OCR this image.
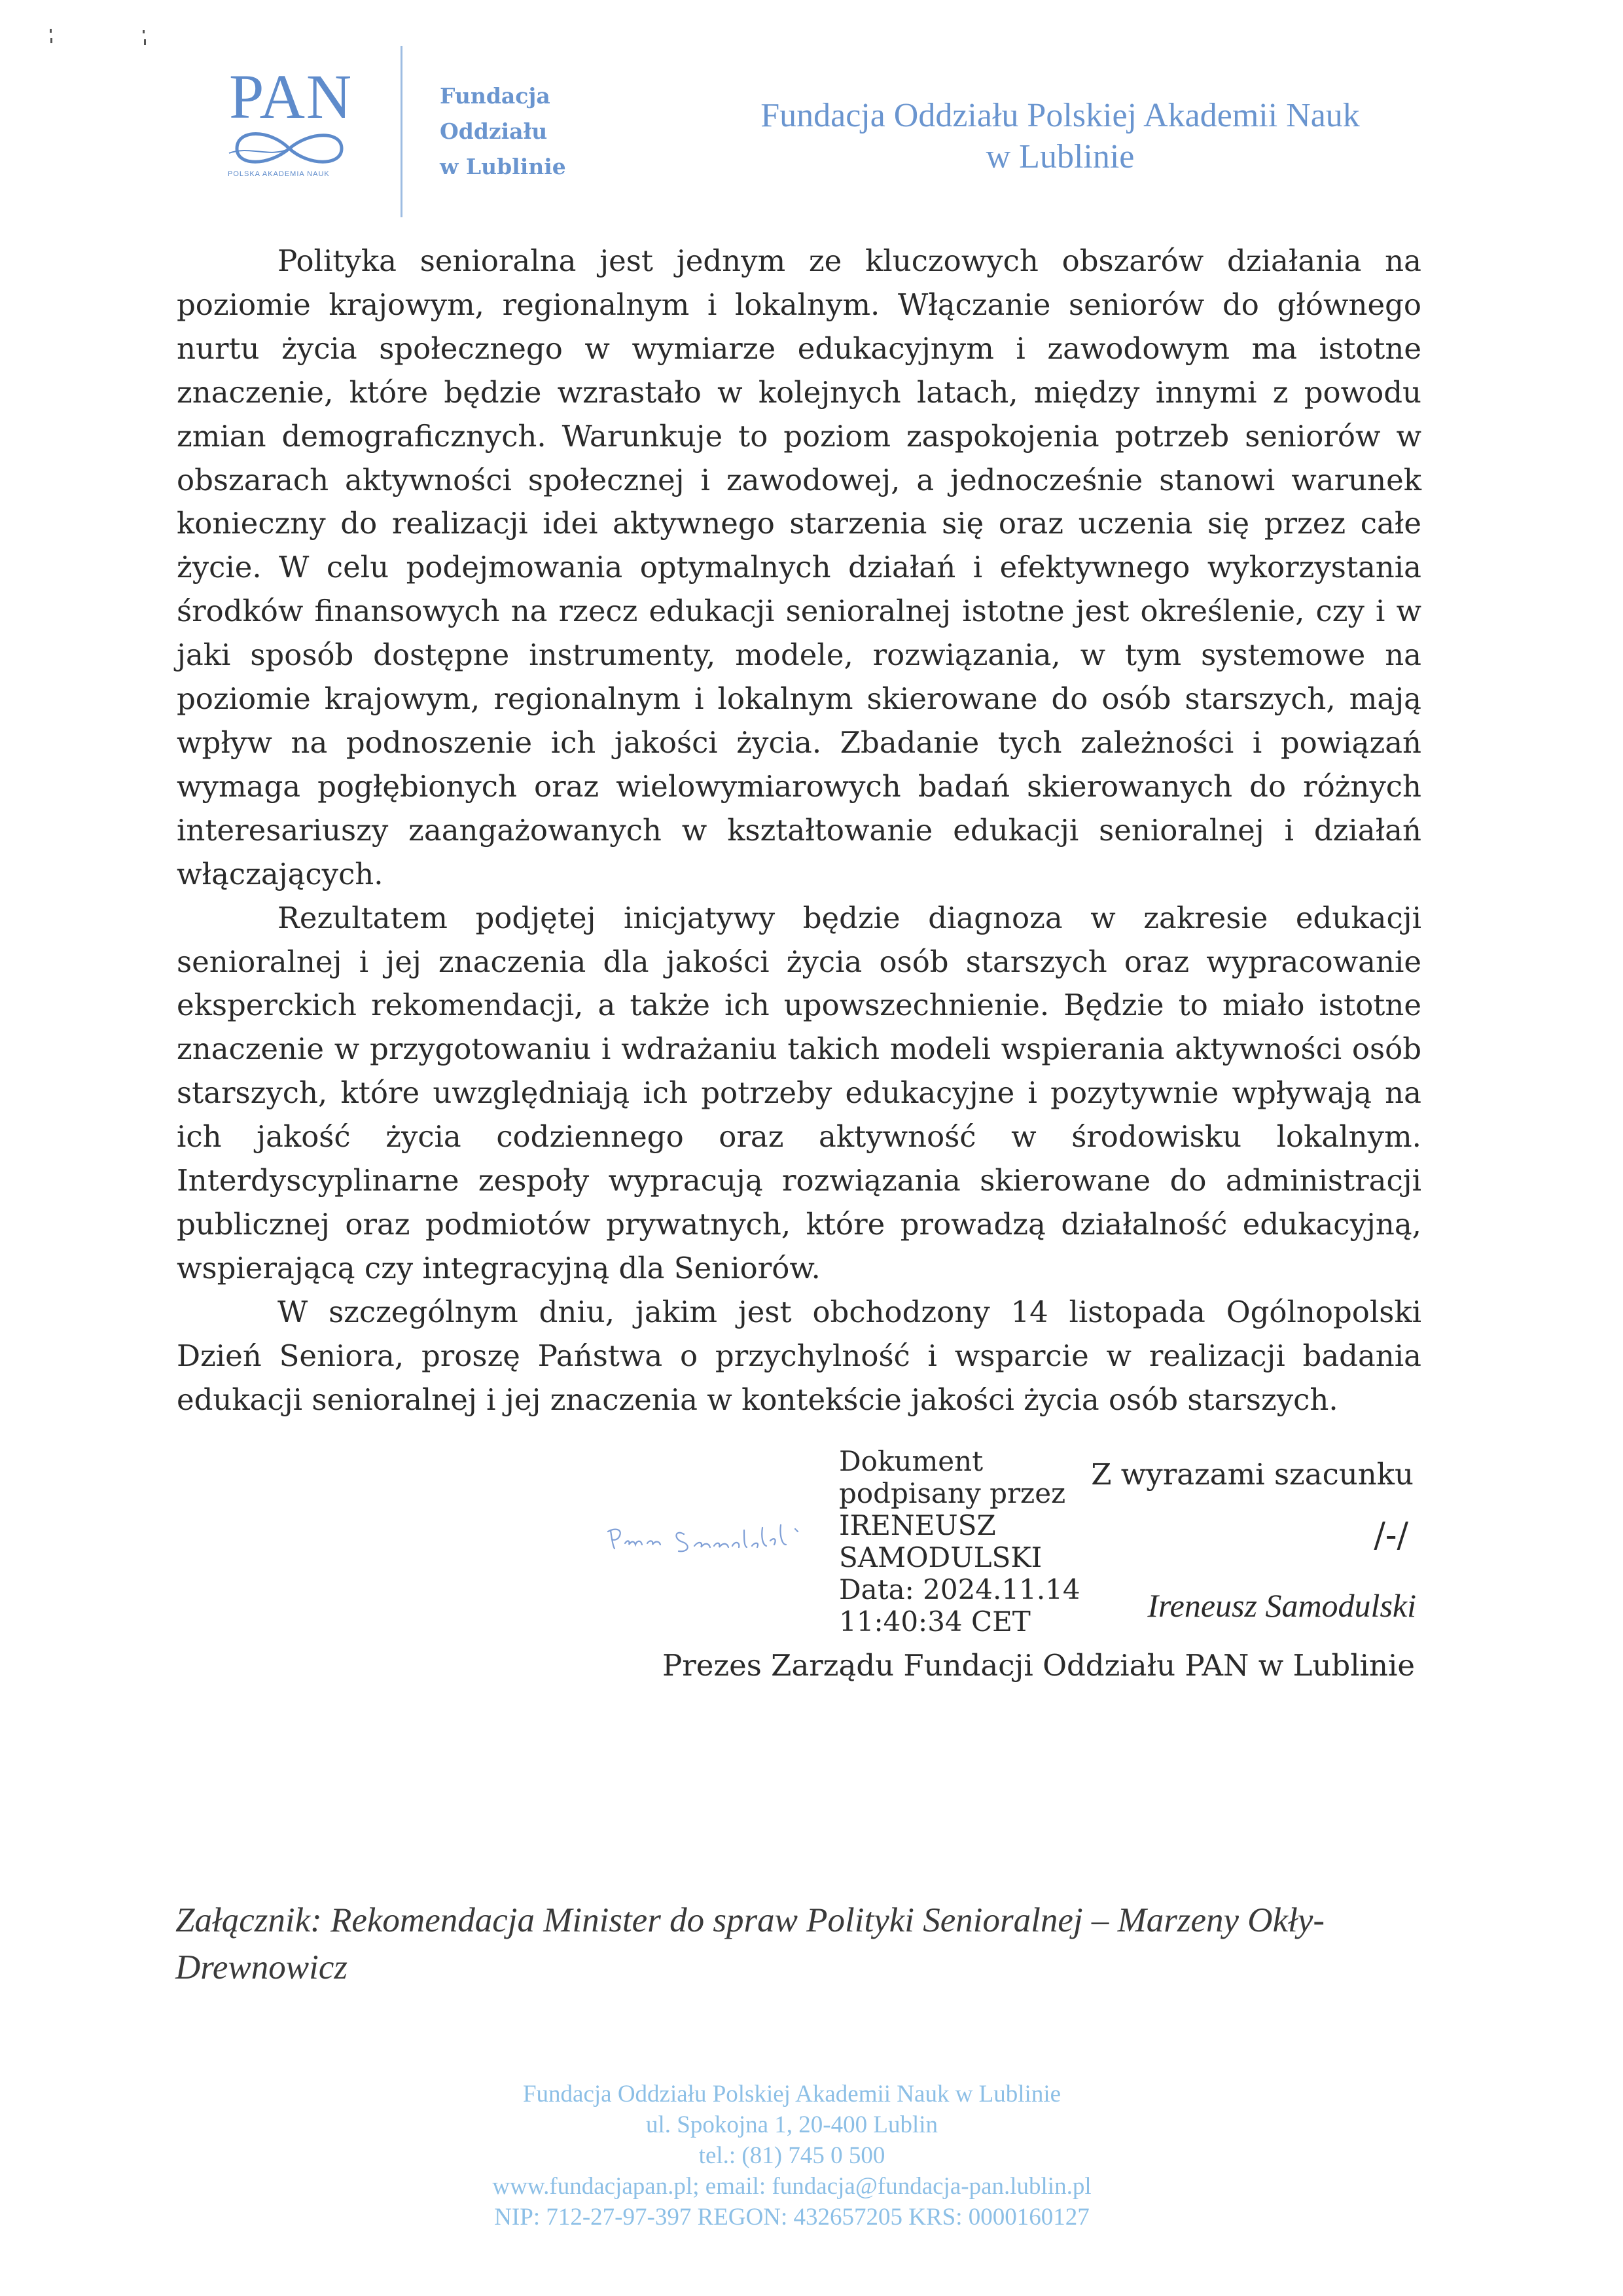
PAN
POLSKA AKADEMIA NAUK
Fundacja
Oddziału
w Lublinie
Fundacja Oddziału Polskiej Akademii Nauk
w Lublinie

Polityka senioralna jest jednym ze kluczowych obszarów działania na poziomie krajowym, regionalnym i lokalnym. Włączanie seniorów do głównego nurtu życia społecznego w wymiarze edukacyjnym i zawodowym ma istotne znaczenie, które będzie wzrastało w kolejnych latach, między innymi z powodu zmian demograficznych. Warunkuje to poziom zaspokojenia potrzeb seniorów w obszarach aktywności społecznej i zawodowej, a jednocześnie stanowi warunek konieczny do realizacji idei aktywnego starzenia się oraz uczenia się przez całe życie. W celu podejmowania optymalnych działań i efektywnego wykorzystania środków finansowych na rzecz edukacji senioralnej istotne jest określenie, czy i w jaki sposób dostępne instrumenty, modele, rozwiązania, w tym systemowe na poziomie krajowym, regionalnym i lokalnym skierowane do osób starszych, mają wpływ na podnoszenie ich jakości życia. Zbadanie tych zależności i powiązań wymaga pogłębionych oraz wielowymiarowych badań skierowanych do różnych interesariuszy zaangażowanych w kształtowanie edukacji senioralnej i działań włączających.

Rezultatem podjętej inicjatywy będzie diagnoza w zakresie edukacji senioralnej i jej znaczenia dla jakości życia osób starszych oraz wypracowanie eksperckich rekomendacji, a także ich upowszechnienie. Będzie to miało istotne znaczenie w przygotowaniu i wdrażaniu takich modeli wspierania aktywności osób starszych, które uwzględniają ich potrzeby edukacyjne i pozytywnie wpływają na ich jakość życia codziennego oraz aktywność w środowisku lokalnym. Interdyscyplinarne zespoły wypracują rozwiązania skierowane do administracji publicznej oraz podmiotów prywatnych, które prowadzą działalność edukacyjną, wspierającą czy integracyjną dla Seniorów.

W szczególnym dniu, jakim jest obchodzony 14 listopada Ogólnopolski Dzień Seniora, proszę Państwa o przychylność i wsparcie w realizacji badania edukacji senioralnej i jej znaczenia w kontekście jakości życia osób starszych.

Dokument
podpisany przez
IRENEUSZ
SAMODULSKI
Data: 2024.11.14
11:40:34 CET
Z wyrazami szacunku
/-/
Ireneusz Samodulski
Prezes Zarządu Fundacji Oddziału PAN w Lublinie
Załącznik: Rekomendacja Minister do spraw Polityki Senioralnej – Marzeny Okły-Drewnowicz
Fundacja Oddziału Polskiej Akademii Nauk w Lublinie
ul. Spokojna 1, 20-400 Lublin
tel.: (81) 745 0 500
www.fundacjapan.pl; email: fundacja@fundacja-pan.lublin.pl
NIP: 712-27-97-397 REGON: 432657205 KRS: 0000160127
